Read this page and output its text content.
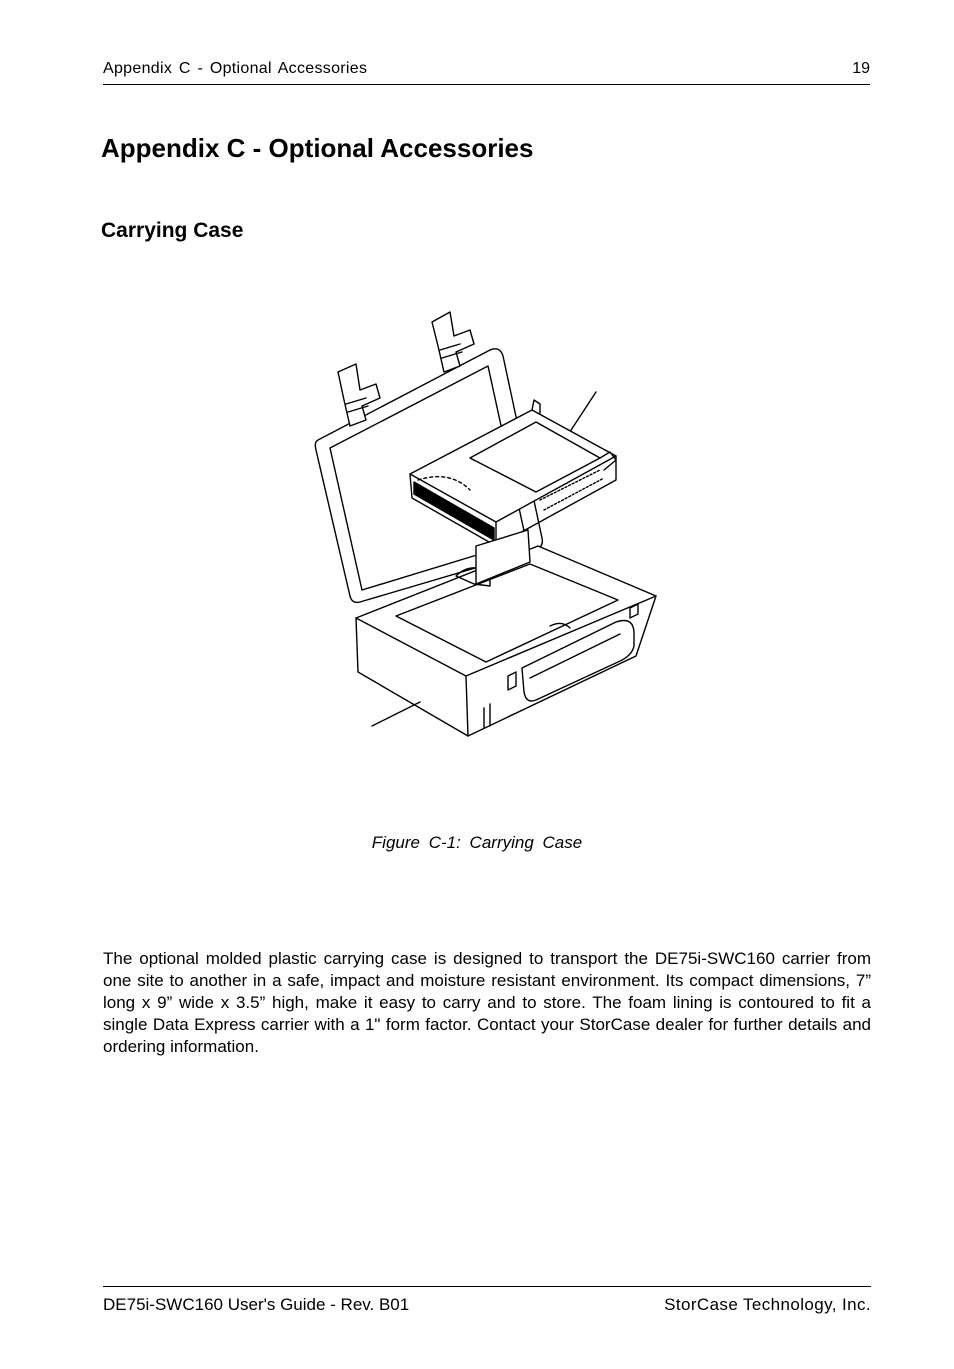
Appendix C - Optional Accessories	19
Appendix C - Optional Accessories
Carrying Case
Figure C-1: Carrying Case

The optional molded plastic carrying case is designed to transport the DE75i-SWC160 carrier from one site to another in a safe, impact and moisture resistant environment. Its compact dimensions, 7” long x 9” wide x 3.5” high, make it easy to carry and to store. The foam lining is contoured to fit a single Data Express carrier with a 1" form factor. Contact your StorCase dealer for further details and ordering information.

DE75i-SWC160 User's Guide - Rev. B01	StorCase Technology, Inc.
